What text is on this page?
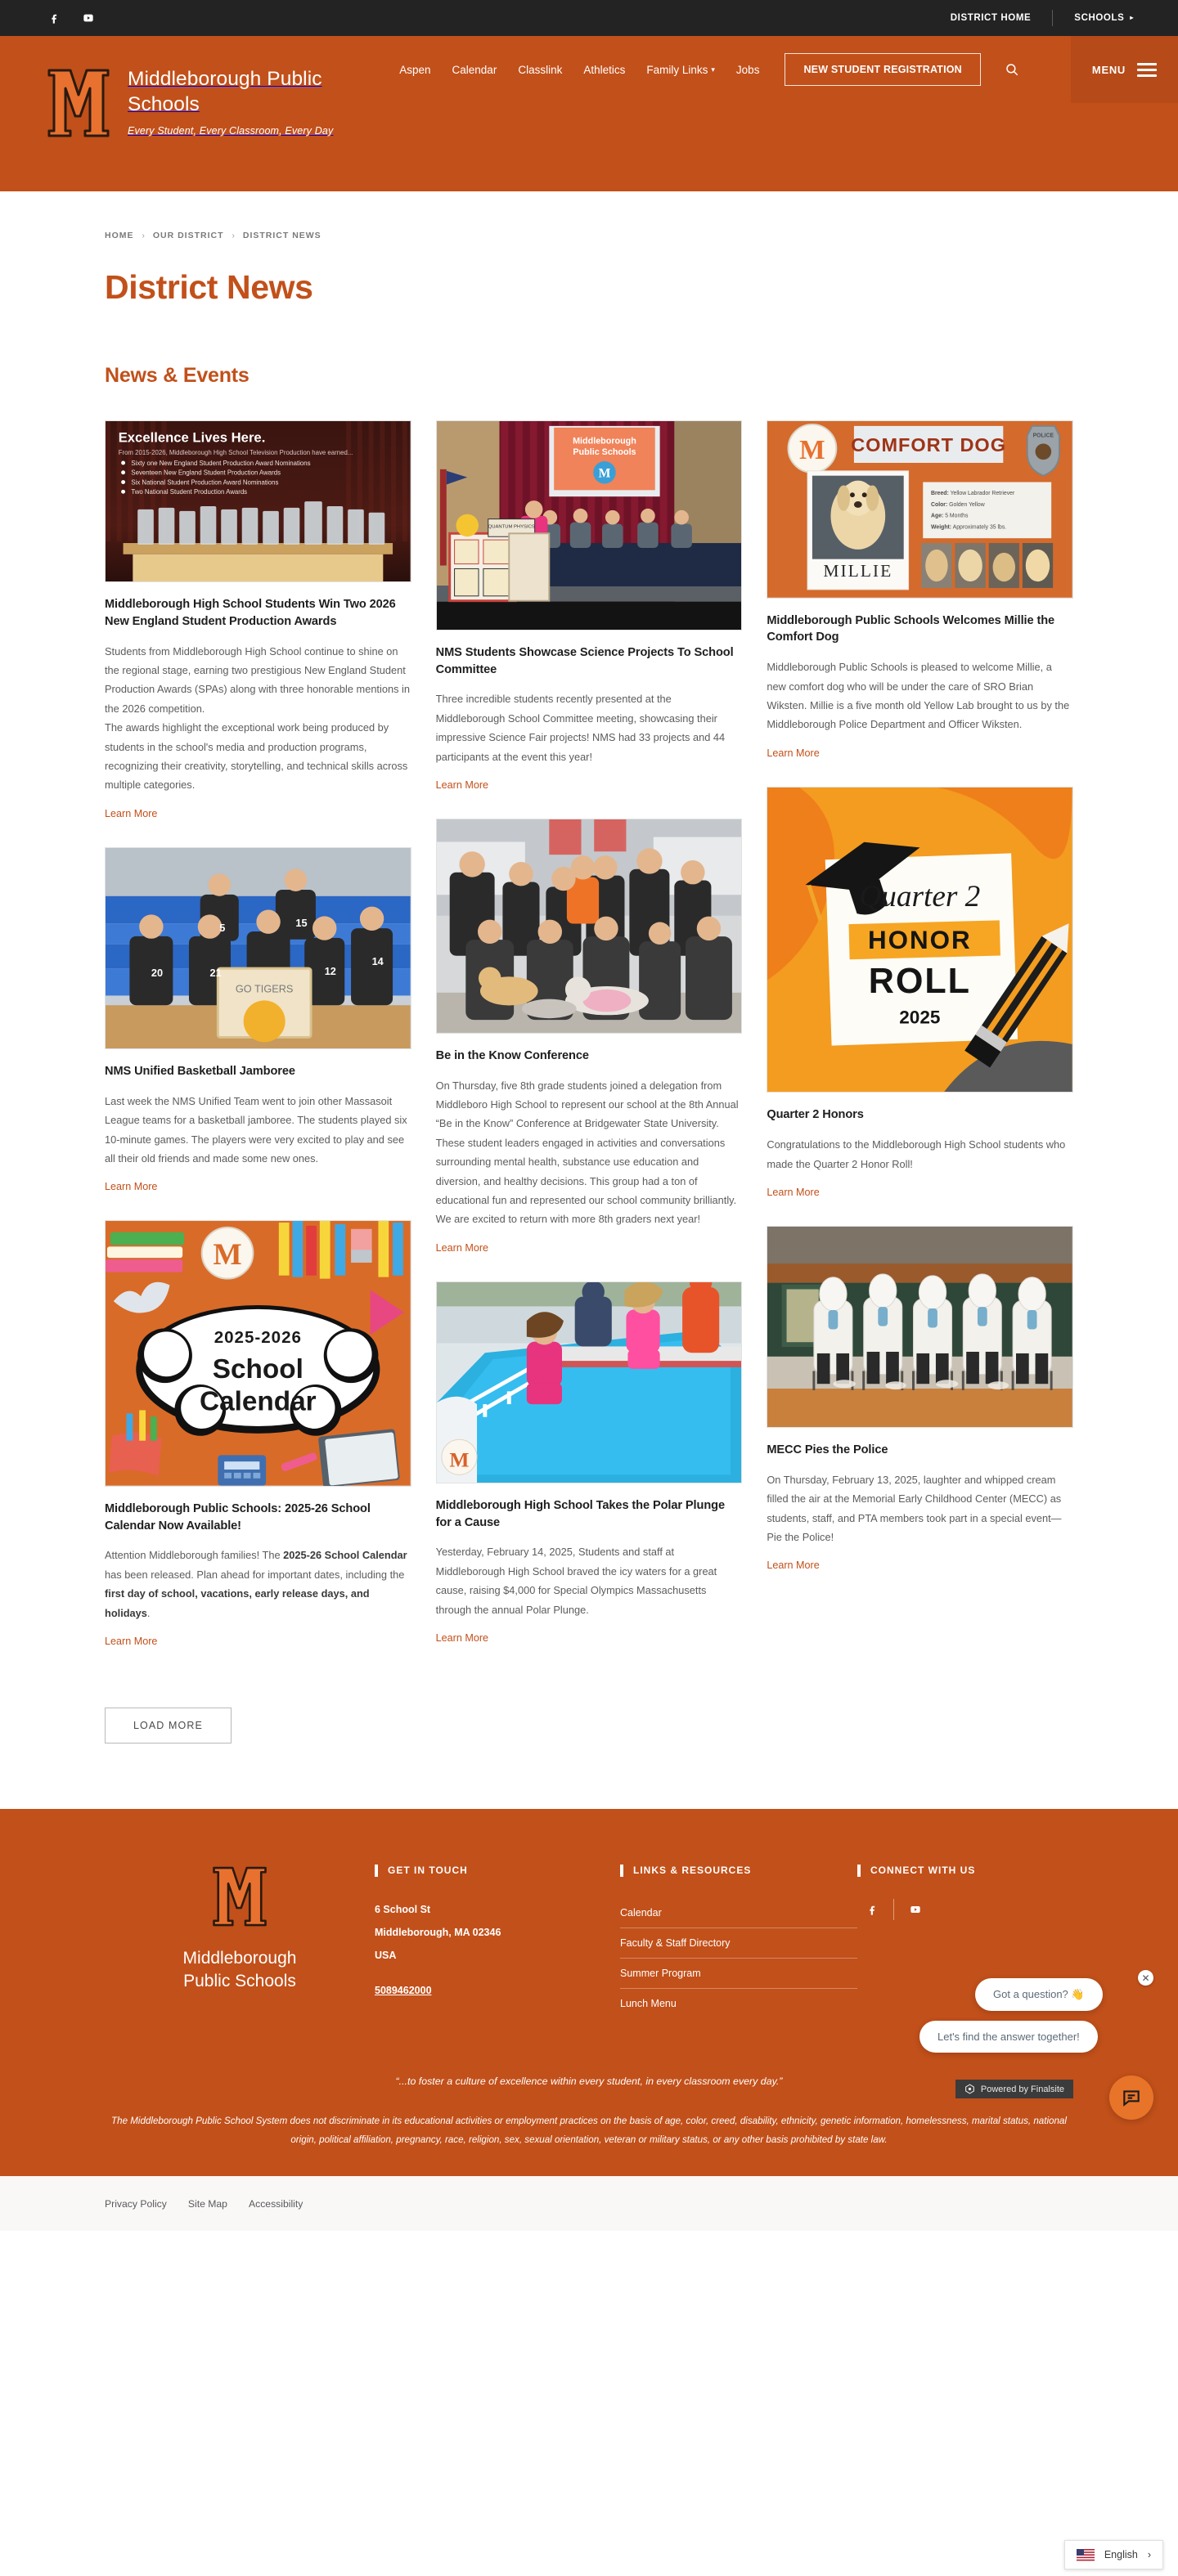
DISTRICT HOME	SCHOOLS ▸
Middleborough Public Schools
Every Student, Every Classroom, Every Day
Aspen	Calendar	Classlink	Athletics	Family Links ▾	Jobs	NEW STUDENT REGISTRATION	MENU
HOME › OUR DISTRICT › DISTRICT NEWS
District News
News & Events
Excellence Lives Here.
From 2015-2026, Middleborough High School Television Production have earned...
Sixty one New England Student Production Award Nominations
Seventeen New England Student Production Awards
Six National Student Production Award Nominations
Two National Student Production Awards
Middleborough High School Students Win Two 2026 New England Student Production Awards

Students from Middleborough High School continue to shine on the regional stage, earning two prestigious New England Student Production Awards (SPAs) along with three honorable mentions in the 2026 competition.

The awards highlight the exceptional work being produced by students in the school's media and production programs, recognizing their creativity, storytelling, and technical skills across multiple categories.

Learn More
GO TIGERS
20	21	12
14
5	15
NMS Unified Basketball Jamboree

Last week the NMS Unified Team went to join other Massasoit League teams for a basketball jamboree. The students played six 10-minute games. The players were very excited to play and see all their old friends and made some new ones.

Learn More
M
2025-2026
School
Calendar
Middleborough Public Schools: 2025-26 School Calendar Now Available!

Attention Middleborough families! The 2025-26 School Calendar has been released. Plan ahead for important dates, including the first day of school, vacations, early release days, and holidays.

Learn More
Middleborough
Public Schools
M
QUANTUM PHYSICS
NMS Students Showcase Science Projects To School Committee

Three incredible students recently presented at the Middleborough School Committee meeting, showcasing their impressive Science Fair projects! NMS had 33 projects and 44 participants at the event this year!

Learn More
Be in the Know Conference

On Thursday, five 8th grade students joined a delegation from Middleboro High School to represent our school at the 8th Annual “Be in the Know” Conference at Bridgewater State University. These student leaders engaged in activities and conversations surrounding mental health, substance use education and diversion, and healthy decisions. This group had a ton of educational fun and represented our school community brilliantly. We are excited to return with more 8th graders next year!

Learn More
M
Middleborough High School Takes the Polar Plunge for a Cause

Yesterday, February 14, 2025, Students and staff at Middleborough High School braved the icy waters for a great cause, raising $4,000 for Special Olympics Massachusetts through the annual Polar Plunge.

Learn More
M COMFORT DOG	POLICE
MILLIE
Breed: Yellow Labrador Retriever
Color: Golden Yellow
Age: 5 Months
Weight: Approximately 35 lbs.
Middleborough Public Schools Welcomes Millie the Comfort Dog

Middleborough Public Schools is pleased to welcome Millie, a new comfort dog who will be under the care of SRO Brian Wiksten. Millie is a five month old Yellow Lab brought to us by the Middleborough Police Department and Officer Wiksten.

Learn More
Quarter 2
HONOR
ROLL
2025
Quarter 2 Honors

Congratulations to the Middleborough High School students who made the Quarter 2 Honor Roll!

Learn More
MECC Pies the Police

On Thursday, February 13, 2025, laughter and whipped cream filled the air at the Memorial Early Childhood Center (MECC) as students, staff, and PTA members took part in a special event—Pie the Police!

Learn More
LOAD MORE
Middleborough
Public Schools
GET IN TOUCH
6 School St
Middleborough, MA 02346
USA
5089462000
LINKS & RESOURCES
Calendar
Faculty & Staff Directory
Summer Program
Lunch Menu
CONNECT WITH US
“...to foster a culture of excellence within every student, in every classroom every day.”
The Middleborough Public School System does not discriminate in its educational activities or employment practices on the basis of age, color, creed, disability, ethnicity, genetic information, homelessness, marital status, national origin, political affiliation, pregnancy, race, religion, sex, sexual orientation, veteran or military status, or any other basis prohibited by state law.
✕
Got a question? 👋 Let's find the answer together!
Powered by Finalsite
Privacy Policy Site Map Accessibility
English ›
